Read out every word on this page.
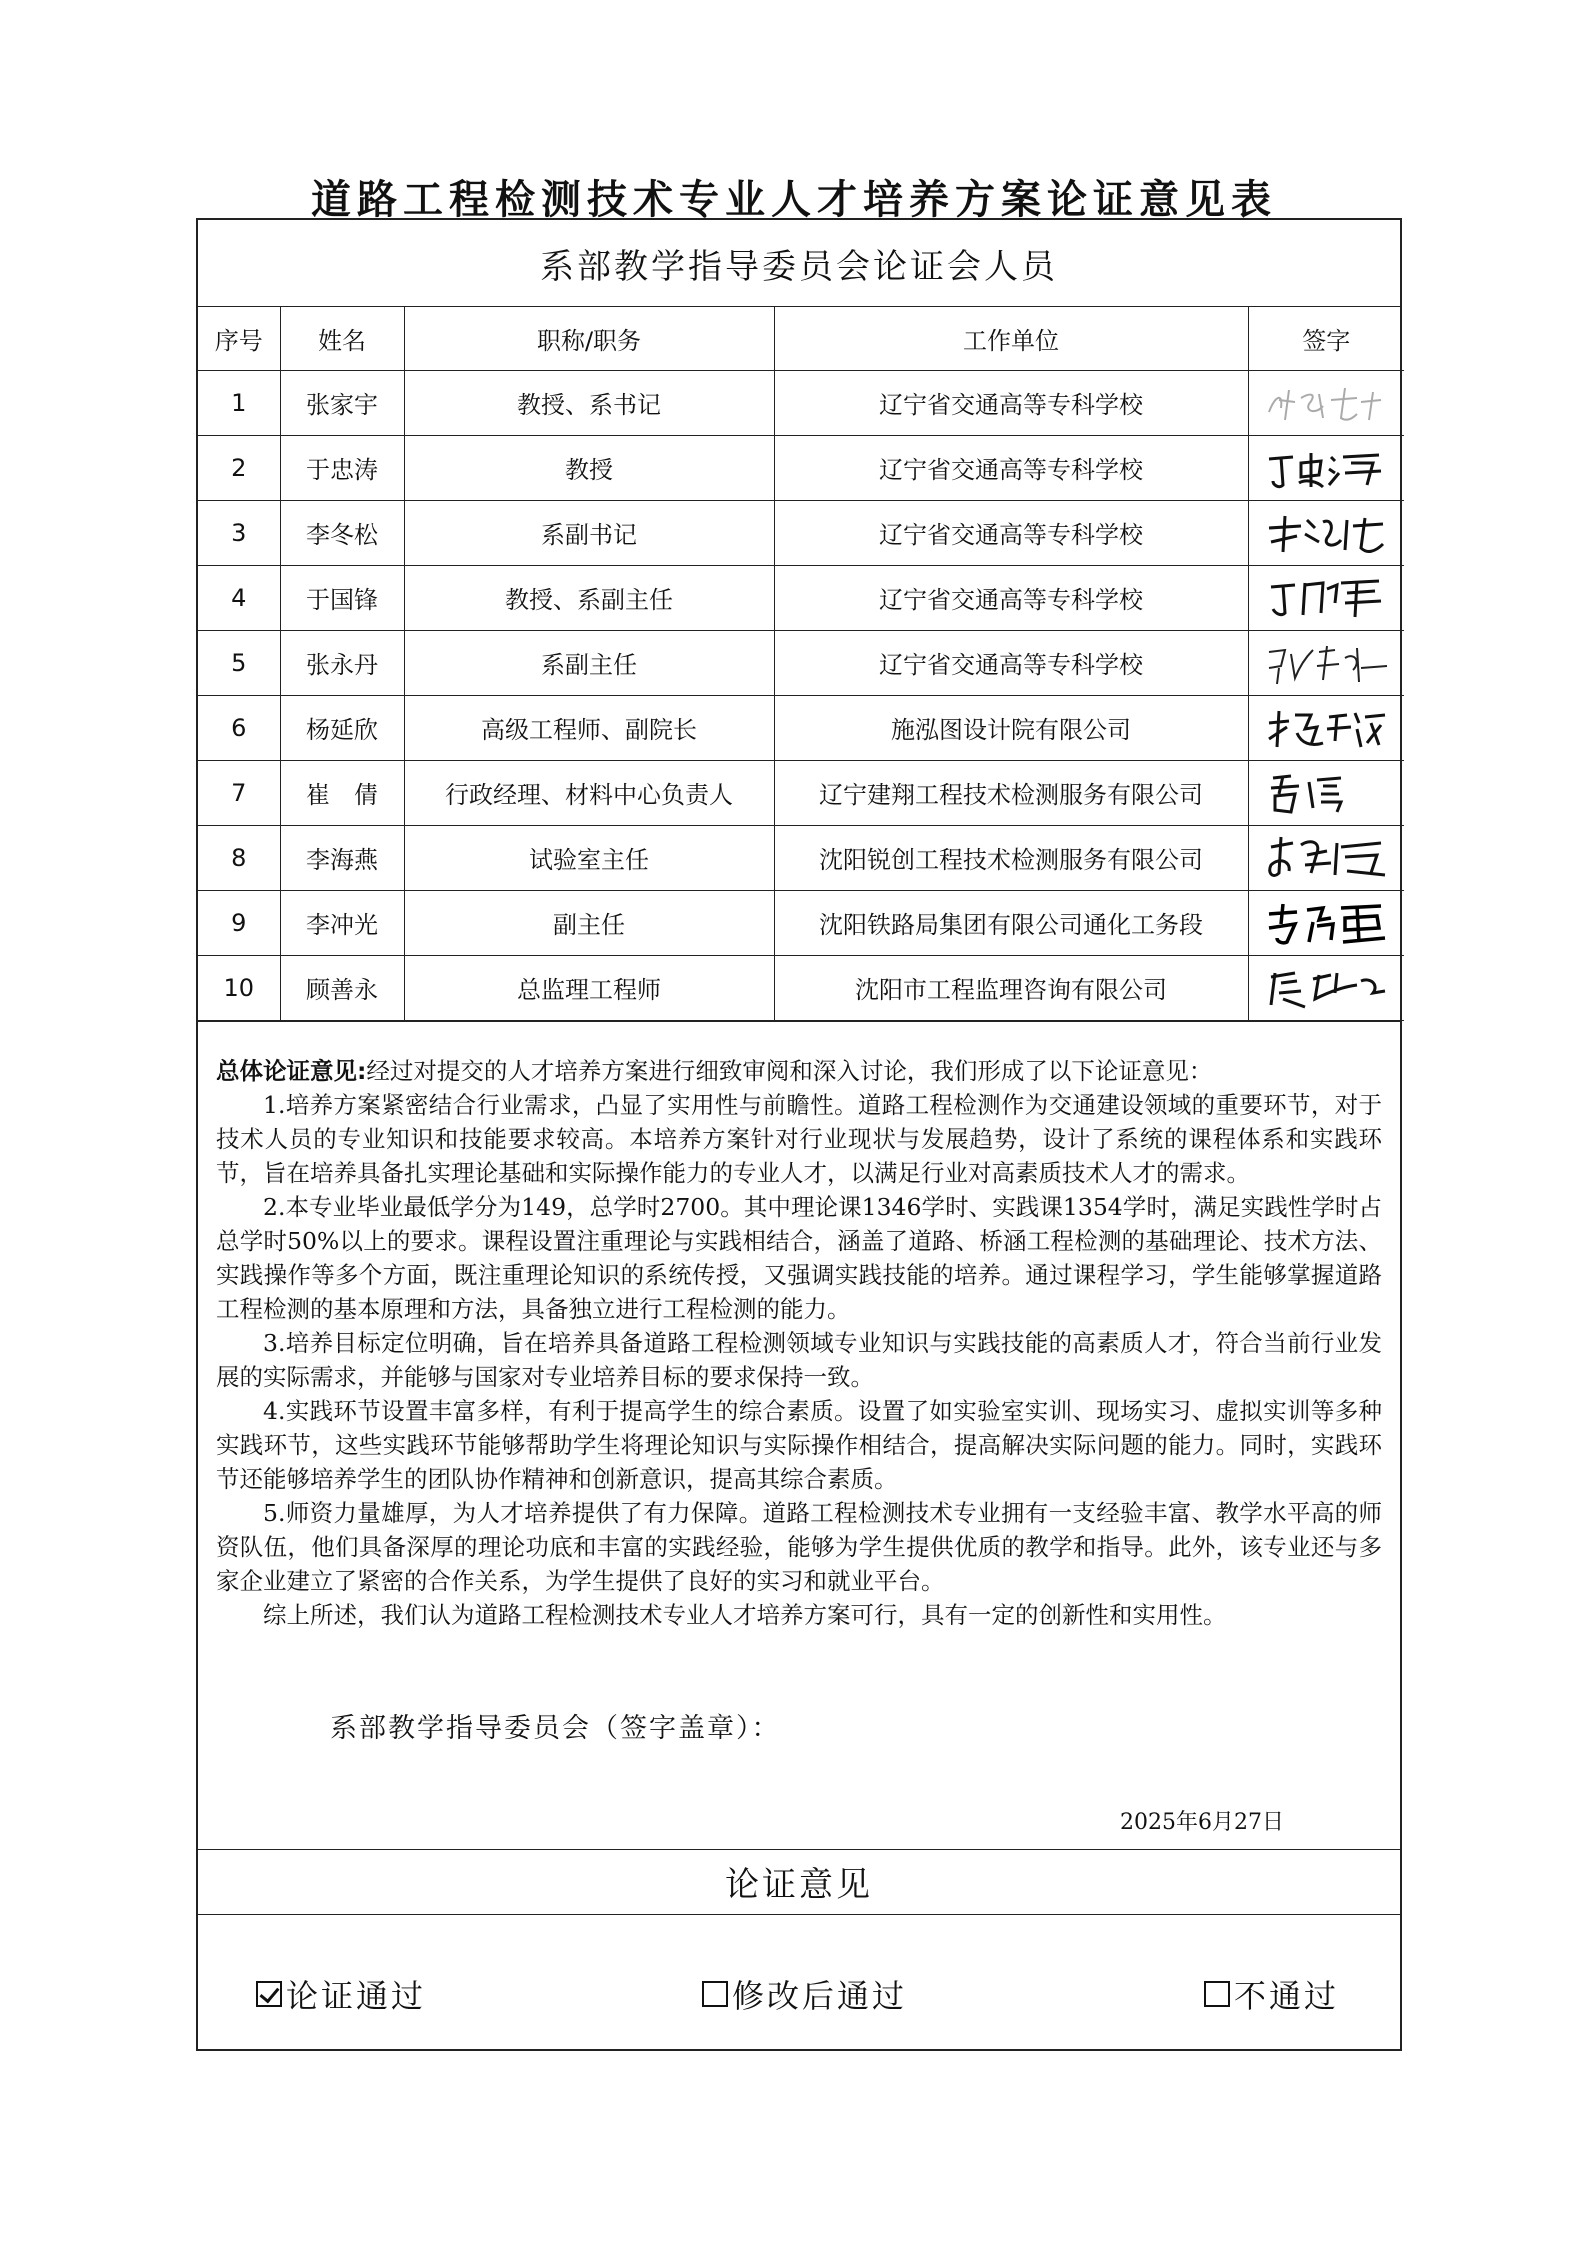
道路工程检测技术专业人才培养方案论证意见表
系部教学指导委员会论证会人员
序号	姓名	职称/职务	工作单位	签字
1	张家宇	教授、系书记	辽宁省交通高等专科学校	

2	于忠涛	教授	辽宁省交通高等专科学校	

3	李冬松	系副书记	辽宁省交通高等专科学校	

4	于国锋	教授、系副主任	辽宁省交通高等专科学校	

5	张永丹	系副主任	辽宁省交通高等专科学校	

6	杨延欣	高级工程师、副院长	施泓图设计院有限公司	

7	崔　倩	行政经理、材料中心负责人	辽宁建翔工程技术检测服务有限公司	

8	李海燕	试验室主任	沈阳锐创工程技术检测服务有限公司	

9	李冲光	副主任	沈阳铁路局集团有限公司通化工务段	

10	顾善永	总监理工程师	沈阳市工程监理咨询有限公司	

总体论证意见:经过对提交的人才培养方案进行细致审阅和深入讨论，我们形成了以下论证意见：

1.培养方案紧密结合行业需求，凸显了实用性与前瞻性。道路工程检测作为交通建设领域的重要环节，对于技术人员的专业知识和技能要求较高。本培养方案针对行业现状与发展趋势，设计了系统的课程体系和实践环节，旨在培养具备扎实理论基础和实际操作能力的专业人才，以满足行业对高素质技术人才的需求。

2.本专业毕业最低学分为149，总学时2700。其中理论课1346学时、实践课1354学时，满足实践性学时占总学时50%以上的要求。课程设置注重理论与实践相结合，涵盖了道路、桥涵工程检测的基础理论、技术方法、实践操作等多个方面，既注重理论知识的系统传授，又强调实践技能的培养。通过课程学习，学生能够掌握道路工程检测的基本原理和方法，具备独立进行工程检测的能力。

3.培养目标定位明确，旨在培养具备道路工程检测领域专业知识与实践技能的高素质人才，符合当前行业发展的实际需求，并能够与国家对专业培养目标的要求保持一致。

4.实践环节设置丰富多样，有利于提高学生的综合素质。设置了如实验室实训、现场实习、虚拟实训等多种实践环节，这些实践环节能够帮助学生将理论知识与实际操作相结合，提高解决实际问题的能力。同时，实践环节还能够培养学生的团队协作精神和创新意识，提高其综合素质。

5.师资力量雄厚，为人才培养提供了有力保障。道路工程检测技术专业拥有一支经验丰富、教学水平高的师资队伍，他们具备深厚的理论功底和丰富的实践经验，能够为学生提供优质的教学和指导。此外，该专业还与多家企业建立了紧密的合作关系，为学生提供了良好的实习和就业平台。

综上所述，我们认为道路工程检测技术专业人才培养方案可行，具有一定的创新性和实用性。

系部教学指导委员会（签字盖章）：
2025年6月27日
论证意见
论证通过	修改后通过	不通过
